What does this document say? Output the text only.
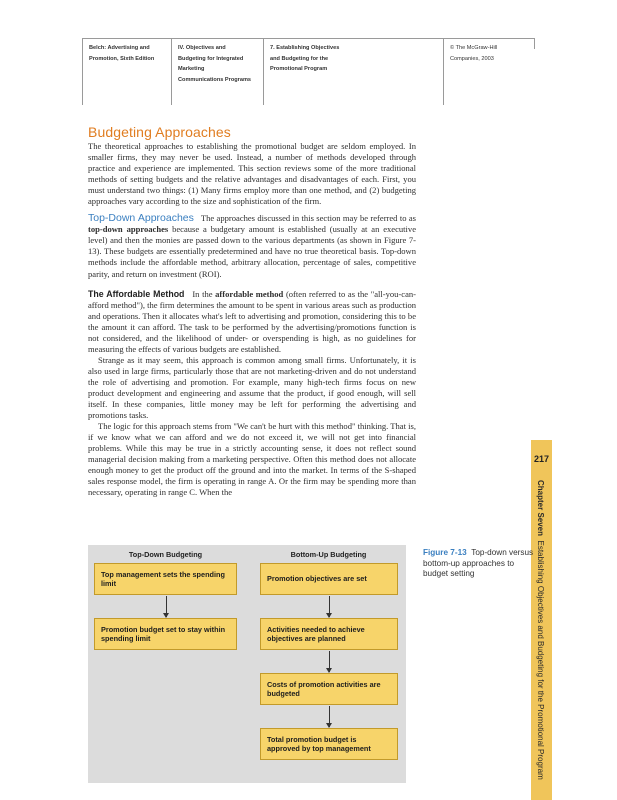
Belch: Advertising and
Promotion, Sixth Edition
IV. Objectives and
Budgeting for Integrated
Marketing
Communications Programs
7. Establishing Objectives
and Budgeting for the
Promotional Program
© The McGraw-Hill
Companies, 2003
Budgeting Approaches

The theoretical approaches to establishing the promotional budget are seldom employed. In smaller firms, they may never be used. Instead, a number of methods developed through practice and experience are implemented. This section reviews some of the more traditional methods of setting budgets and the relative advantages and disadvantages of each. First, you must understand two things: (1) Many firms employ more than one method, and (2) budgeting approaches vary according to the size and sophistication of the firm.

Top-Down Approaches The approaches discussed in this section may be referred to as top-down approaches because a budgetary amount is established (usually at an executive level) and then the monies are passed down to the various departments (as shown in Figure 7-13). These budgets are essentially predetermined and have no true theoretical basis. Top-down methods include the affordable method, arbitrary allocation, percentage of sales, competitive parity, and return on investment (ROI).

The Affordable Method In the affordable method (often referred to as the "all-you-can-afford method"), the firm determines the amount to be spent in various areas such as production and operations. Then it allocates what's left to advertising and promotion, considering this to be the amount it can afford. The task to be performed by the advertising/promotions function is not considered, and the likelihood of under- or overspending is high, as no guidelines for measuring the effects of various budgets are established.

Strange as it may seem, this approach is common among small firms. Unfortunately, it is also used in large firms, particularly those that are not marketing-driven and do not understand the role of advertising and promotion. For example, many high-tech firms focus on new product development and engineering and assume that the product, if good enough, will sell itself. In these companies, little money may be left for performing the advertising and promotions tasks.

The logic for this approach stems from "We can't be hurt with this method" thinking. That is, if we know what we can afford and we do not exceed it, we will not get into financial problems. While this may be true in a strictly accounting sense, it does not reflect sound managerial decision making from a marketing perspective. Often this method does not allocate enough money to get the product off the ground and into the market. In terms of the S-shaped sales response model, the firm is operating in range A. Or the firm may be spending more than necessary, operating in range C. When the

217
Chapter Seven  Establishing Objectives and Budgeting for the Promotional Program
Top-Down Budgeting	Bottom-Up Budgeting
Top management sets the spending limit
Promotion budget set to stay within spending limit
Promotion objectives are set
Activities needed to achieve objectives are planned
Costs of promotion activities are budgeted
Total promotion budget is approved by top management
Figure 7-13 Top-down versus bottom-up approaches to budget setting
